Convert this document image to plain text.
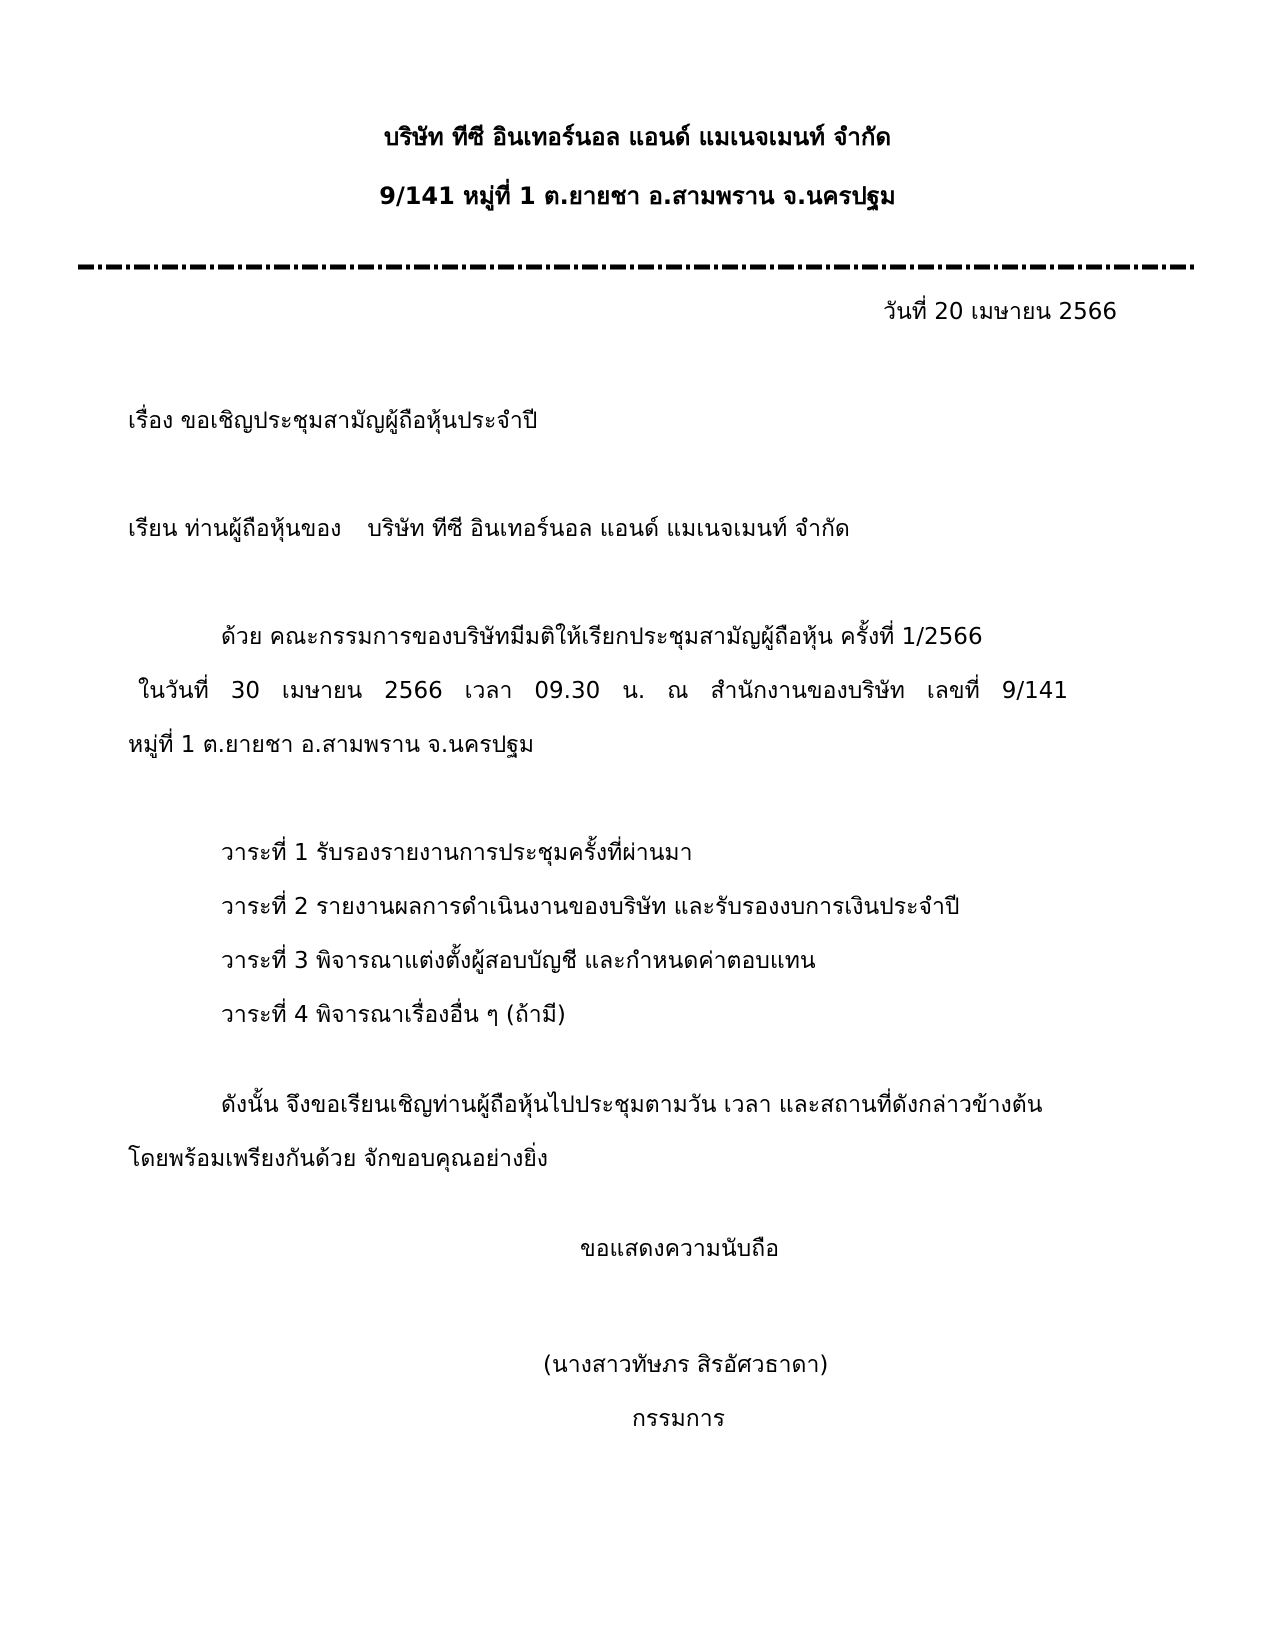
บริษัท ทีซี อินเทอร์นอล แอนด์ แมเนจเมนท์ จำกัด
9/141 หมู่ที่ 1 ต.ยายชา อ.สามพราน จ.นครปฐม
วันที่ 20 เมษายน 2566
เรื่อง ขอเชิญประชุมสามัญผู้ถือหุ้นประจำปี
เรียน ท่านผู้ถือหุ้นของ บริษัท ทีซี อินเทอร์นอล แอนด์ แมเนจเมนท์ จำกัด
ด้วย คณะกรรมการของบริษัทมีมติให้เรียกประชุมสามัญผู้ถือหุ้น ครั้งที่ 1/2566
ในวันที่ 30 เมษายน 2566 เวลา 09.30 น. ณ สำนักงานของบริษัท เลขที่ 9/141
หมู่ที่ 1 ต.ยายชา อ.สามพราน จ.นครปฐม
วาระที่ 1 รับรองรายงานการประชุมครั้งที่ผ่านมา
วาระที่ 2 รายงานผลการดำเนินงานของบริษัท และรับรองงบการเงินประจำปี
วาระที่ 3 พิจารณาแต่งตั้งผู้สอบบัญชี และกำหนดค่าตอบแทน
วาระที่ 4 พิจารณาเรื่องอื่น ๆ (ถ้ามี)
ดังนั้น จึงขอเรียนเชิญท่านผู้ถือหุ้นไปประชุมตามวัน เวลา และสถานที่ดังกล่าวข้างต้น
โดยพร้อมเพรียงกันด้วย จักขอบคุณอย่างยิ่ง
ขอแสดงความนับถือ
(นางสาวทัษภร สิรอัศวธาดา)
กรรมการ
